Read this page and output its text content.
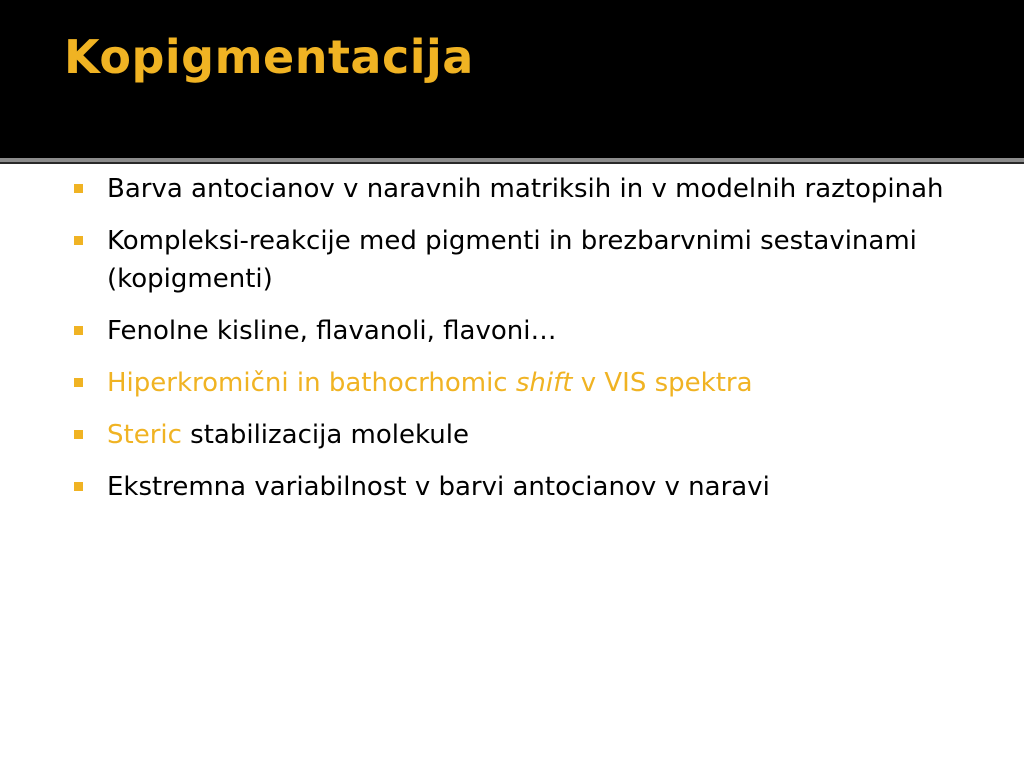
Kopigmentacija
Barva antocianov v naravnih matriksih in v modelnih raztopinah
Kompleksi-reakcije med pigmenti in brezbarvnimi sestavinami (kopigmenti)
Fenolne kisline, flavanoli, flavoni…
Hiperkromični in bathocrhomic shift v VIS spektra
Steric stabilizacija molekule
Ekstremna variabilnost v barvi antocianov v naravi
